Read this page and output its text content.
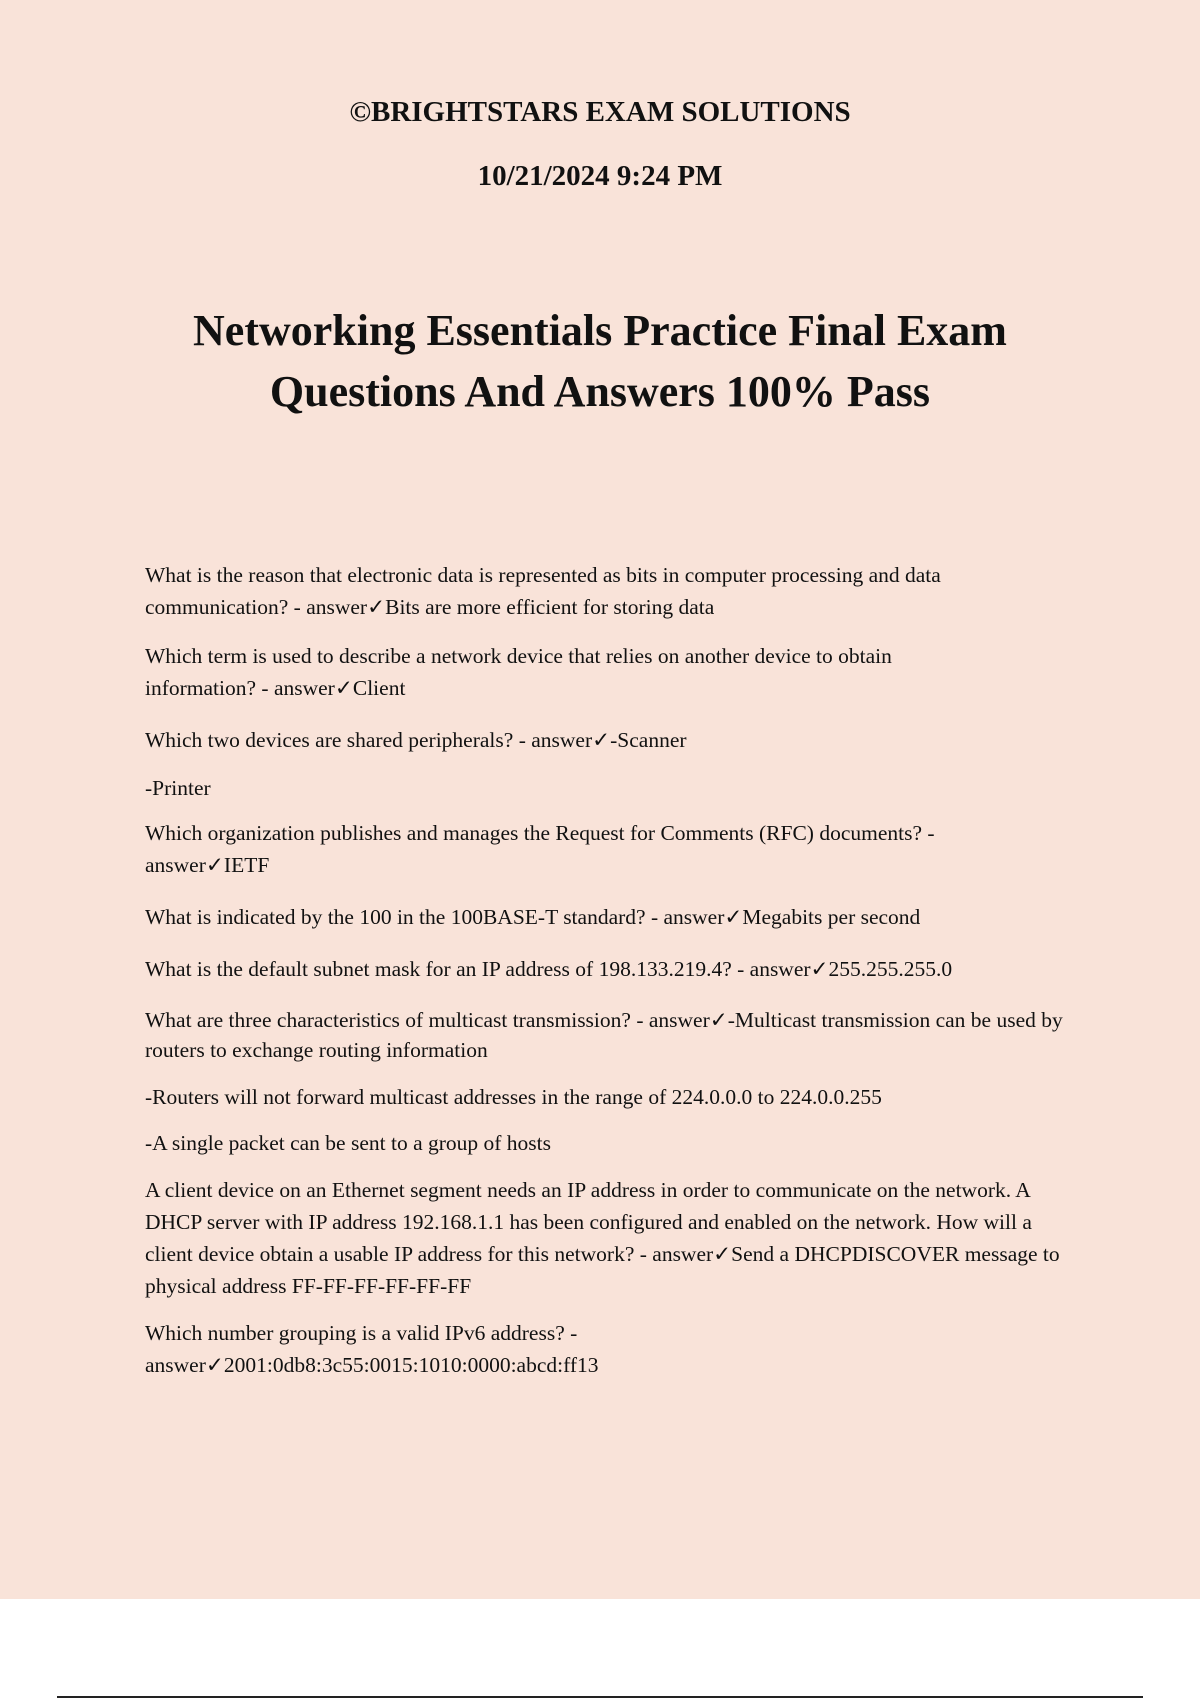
©BRIGHTSTARS EXAM SOLUTIONS
10/21/2024 9:24 PM
Networking Essentials Practice Final Exam
Questions And Answers 100% Pass
What is the reason that electronic data is represented as bits in computer processing and data communication? - answer✓Bits are more efficient for storing data
Which term is used to describe a network device that relies on another device to obtain information? - answer✓Client
Which two devices are shared peripherals? - answer✓-Scanner
-Printer
Which organization publishes and manages the Request for Comments (RFC) documents? - answer✓IETF
What is indicated by the 100 in the 100BASE-T standard? - answer✓Megabits per second
What is the default subnet mask for an IP address of 198.133.219.4? - answer✓255.255.255.0
What are three characteristics of multicast transmission? - answer✓-Multicast transmission can be used by routers to exchange routing information
-Routers will not forward multicast addresses in the range of 224.0.0.0 to 224.0.0.255
-A single packet can be sent to a group of hosts
A client device on an Ethernet segment needs an IP address in order to communicate on the network. A DHCP server with IP address 192.168.1.1 has been configured and enabled on the network. How will a client device obtain a usable IP address for this network? - answer✓Send a DHCPDISCOVER message to physical address FF-FF-FF-FF-FF-FF
Which number grouping is a valid IPv6 address? - answer✓2001:0db8:3c55:0015:1010:0000:abcd:ff13
